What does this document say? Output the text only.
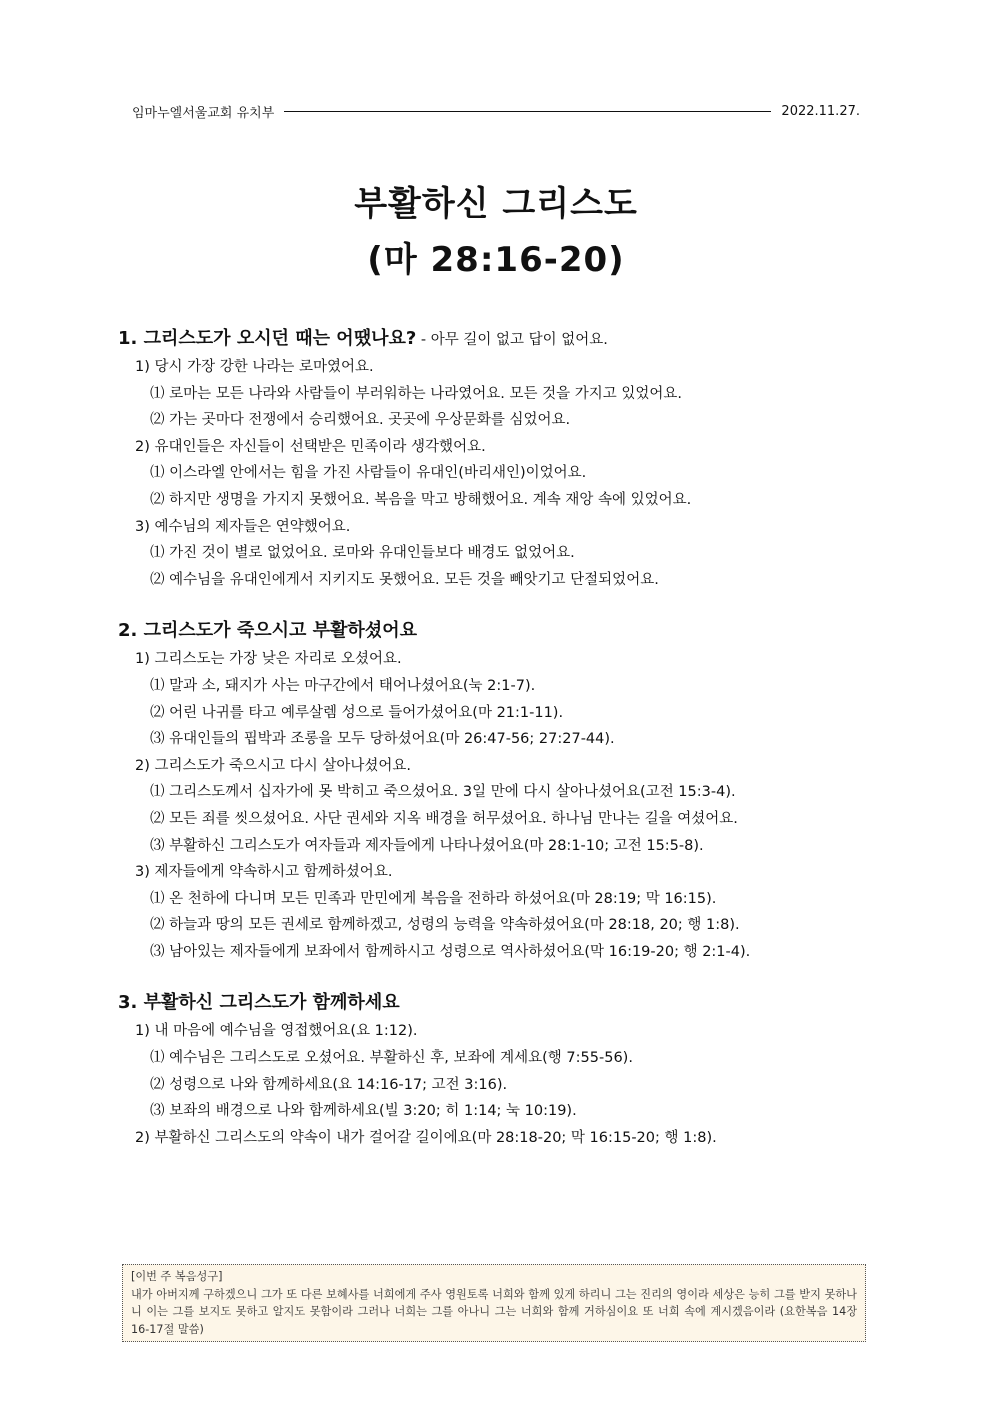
임마누엘서울교회 유치부	2022.11.27.
부활하신 그리스도
(마 28:16-20)
1. 그리스도가 오시던 때는 어땠나요? - 아무 길이 없고 답이 없어요.
1) 당시 가장 강한 나라는 로마였어요.
⑴ 로마는 모든 나라와 사람들이 부러워하는 나라였어요. 모든 것을 가지고 있었어요.
⑵ 가는 곳마다 전쟁에서 승리했어요. 곳곳에 우상문화를 심었어요.
2) 유대인들은 자신들이 선택받은 민족이라 생각했어요.
⑴ 이스라엘 안에서는 힘을 가진 사람들이 유대인(바리새인)이었어요.
⑵ 하지만 생명을 가지지 못했어요. 복음을 막고 방해했어요. 계속 재앙 속에 있었어요.
3) 예수님의 제자들은 연약했어요.
⑴ 가진 것이 별로 없었어요. 로마와 유대인들보다 배경도 없었어요.
⑵ 예수님을 유대인에게서 지키지도 못했어요. 모든 것을 빼앗기고 단절되었어요.
2. 그리스도가 죽으시고 부활하셨어요
1) 그리스도는 가장 낮은 자리로 오셨어요.
⑴ 말과 소, 돼지가 사는 마구간에서 태어나셨어요(눅 2:1-7).
⑵ 어린 나귀를 타고 예루살렘 성으로 들어가셨어요(마 21:1-11).
⑶ 유대인들의 핍박과 조롱을 모두 당하셨어요(마 26:47-56; 27:27-44).
2) 그리스도가 죽으시고 다시 살아나셨어요.
⑴ 그리스도께서 십자가에 못 박히고 죽으셨어요. 3일 만에 다시 살아나셨어요(고전 15:3-4).
⑵ 모든 죄를 씻으셨어요. 사단 권세와 지옥 배경을 허무셨어요. 하나님 만나는 길을 여셨어요.
⑶ 부활하신 그리스도가 여자들과 제자들에게 나타나셨어요(마 28:1-10; 고전 15:5-8).
3) 제자들에게 약속하시고 함께하셨어요.
⑴ 온 천하에 다니며 모든 민족과 만민에게 복음을 전하라 하셨어요(마 28:19; 막 16:15).
⑵ 하늘과 땅의 모든 권세로 함께하겠고, 성령의 능력을 약속하셨어요(마 28:18, 20; 행 1:8).
⑶ 남아있는 제자들에게 보좌에서 함께하시고 성령으로 역사하셨어요(막 16:19-20; 행 2:1-4).
3. 부활하신 그리스도가 함께하세요
1) 내 마음에 예수님을 영접했어요(요 1:12).
⑴ 예수님은 그리스도로 오셨어요. 부활하신 후, 보좌에 계세요(행 7:55-56).
⑵ 성령으로 나와 함께하세요(요 14:16-17; 고전 3:16).
⑶ 보좌의 배경으로 나와 함께하세요(빌 3:20; 히 1:14; 눅 10:19).
2) 부활하신 그리스도의 약속이 내가 걸어갈 길이에요(마 28:18-20; 막 16:15-20; 행 1:8).
[이번 주 복음성구]
내가 아버지께 구하겠으니 그가 또 다른 보혜사를 너희에게 주사 영원토록 너희와 함께 있게 하리니 그는 진리의 영이라 세상은 능히 그를 받지 못하나니 이는 그를 보지도 못하고 알지도 못함이라 그러나 너희는 그를 아나니 그는 너희와 함께 거하심이요 또 너희 속에 계시겠음이라 (요한복음 14장 16-17절 말씀)
